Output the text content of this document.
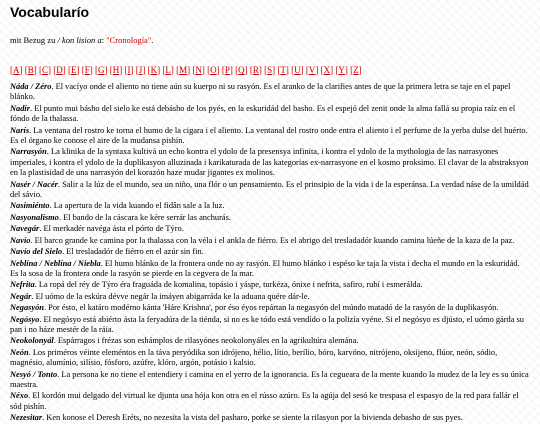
Vocabularío
mit Bezug zu / kon lision a: "Cronología".
[A] [B] [C] [D] [E] [F] [G] [H] [I] [J] [K] [L] [M] [N] [O] [P] [Q] [R] [S] [T] [U] [V] [X] [Y] [Z]
Náda / Zéro. El vacíyo onde el aliento no tiene aún su kuerpo ni su rasyón. Es el aranko de la clarifies antes de que la primera letra se taje en el papel blánko.
Nadír. El punto mui básho del sielo ke está debásho de los pyés, en la eskuridád del basho. Es el espejó del zenit onde la alma fallá su propia raíz en el fóndo de la thalassa.
Narís. La ventana del rostro ke torna el humo de la cigara i el aliento. La ventanal del rostro onde entra el aliento i el perfume de la yerba dulse del huérto. Es el órgano ke conose el aire de la mudansa pishín.
Narrasyón. La klinika de la syntaxa kultivá un echo kontra el ydolo de la presensya infinita, i kontra el ydolo de la mythologia de las narrasyones imperiales, i kontra el ydolo de la duplikasyon alluzinada i karikaturada de las kategorias ex-narrasyone en el kosmo proksimo. El clavar de la abstraksyon en la plastisidad de una narrasyón del korazón haze mudar jigantes ex molinos.
Nasér / Nacér. Salir a la lúz de el mundo, sea un niño, una flór o un pensamiento. Es el prinsipio de la vida i de la esperánsa. La verdad náse de la umildád del sávio.
Nasimiénto. La apertura de la vida kuando el fidân sale a la luz.
Nasyonalísmo. El bando de la cáscara ke kére serrár las anchurás.
Navegár. El merkadér navéga ásta el pórto de Týro.
Navío. El barco grande ke camina por la thalassa con la véla i el ankla de fiérro. Es el abrigo del tresladadór kuando camina lúeñe de la kaza de la paz.
Navío del Sielo. El tresladadór de fiérro en el azúr sin fin.
Neblína / Neblína / Niebla. El humo blánko de la frontera onde no ay rasyón. El humo blánko i espéso ke taja la vista i decha el mundo en la eskuridád. Es la sosa de la frontera onde la rasyón se pierde en la cegvera de la mar.
Nefrita. La ropá del réy de Týro éra fraguáda de komalina, topásio i yáspe, turkéza, ónixe i nefrita, safiro, rubí i esmerálda.
Negár. El uómo de la eskúra dévve negár la imáyen abigarráda ke la aduana quére dár-le.
Negasyón. Por ésto, el katáro modérno kánta 'Háre Krishna', por éso éyos repártan la negasyón del múndo matadó de la rasyón de la duplikasyón.
Negósyo. El negósyo está abiérto ásta la feryadúra de la tiénda, si no es ke tódo está vendído o la polizía vyéne. Si el negósyo es djústo, el uómo gárda su pan i no háze mestér de la ráia.
Neokolonyál. Espárragos i frézas son eshámplos de rilasyónes neokolonyáles en la agrikultúra alemána.
Neón. Los priméros véinte eleméntos en la táva peryódika son idrójeno, hélio, lítio, berílio, bóro, karvóno, nitrójeno, oksijeno, flúor, neón, sódio, magnésio, alumínio, silísio, fósforo, azúfre, klóro, argón, potásio i kalsio.
Nesyó / Tonto. La persona ke no tiene el entendiery i camina en el yerro de la ignorancia. Es la cegueara de la mente kuando la mudez de la ley es su única maestra.
Néxo. El kordón mui delgado del virtual ke djunta una hója kon otra en el rússo azúro. Es la agúja del sesó ke trespasa el espasyo de la red para fallár el sód pishín.
Nezesitar. Ken konose el Deresh Eréts, no nezesita la vista del pasharo, porke se siente la rilasyon por la bivienda debasho de sus pyes.
